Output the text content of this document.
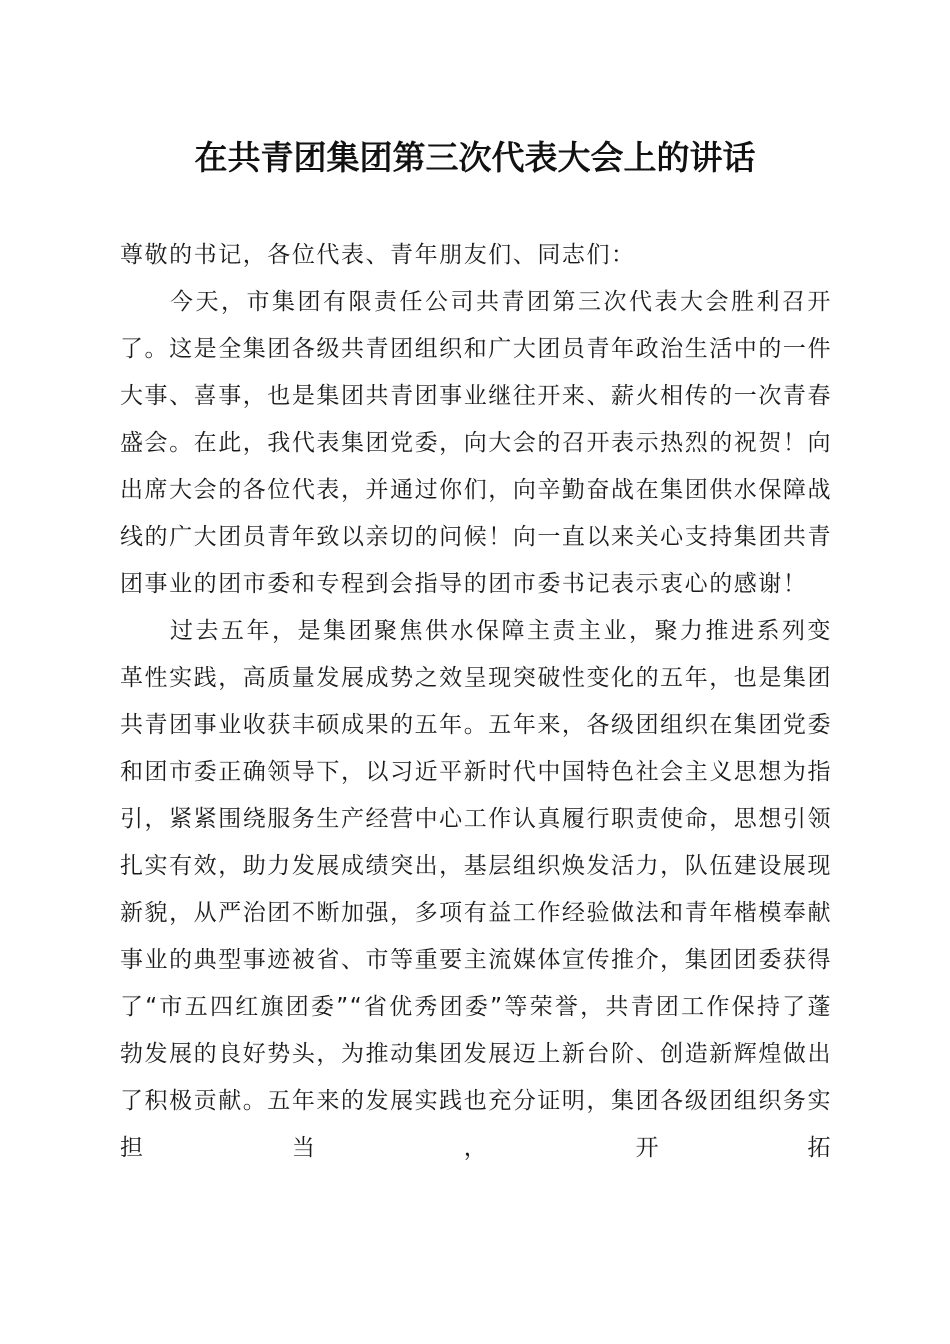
在共青团集团第三次代表大会上的讲话

尊敬的书记，各位代表、青年朋友们、同志们：

今天，市集团有限责任公司共青团第三次代表大会胜利召开了。这是全集团各级共青团组织和广大团员青年政治生活中的一件大事、喜事，也是集团共青团事业继往开来、薪火相传的一次青春盛会。在此，我代表集团党委，向大会的召开表示热烈的祝贺！向出席大会的各位代表，并通过你们，向辛勤奋战在集团供水保障战线的广大团员青年致以亲切的问候！向一直以来关心支持集团共青团事业的团市委和专程到会指导的团市委书记表示衷心的感谢！

过去五年，是集团聚焦供水保障主责主业，聚力推进系列变革性实践，高质量发展成势之效呈现突破性变化的五年，也是集团共青团事业收获丰硕成果的五年。五年来，各级团组织在集团党委和团市委正确领导下，以习近平新时代中国特色社会主义思想为指引，紧紧围绕服务生产经营中心工作认真履行职责使命，思想引领扎实有效，助力发展成绩突出，基层组织焕发活力，队伍建设展现新貌，从严治团不断加强，多项有益工作经验做法和青年楷模奉献事业的典型事迹被省、市等重要主流媒体宣传推介，集团团委获得了“市五四红旗团委”“省优秀团委”等荣誉，共青团工作保持了蓬勃发展的良好势头，为推动集团发展迈上新台阶、创造新辉煌做出了积极贡献。五年来的发展实践也充分证明，集团各级团组织务实担当，开拓
